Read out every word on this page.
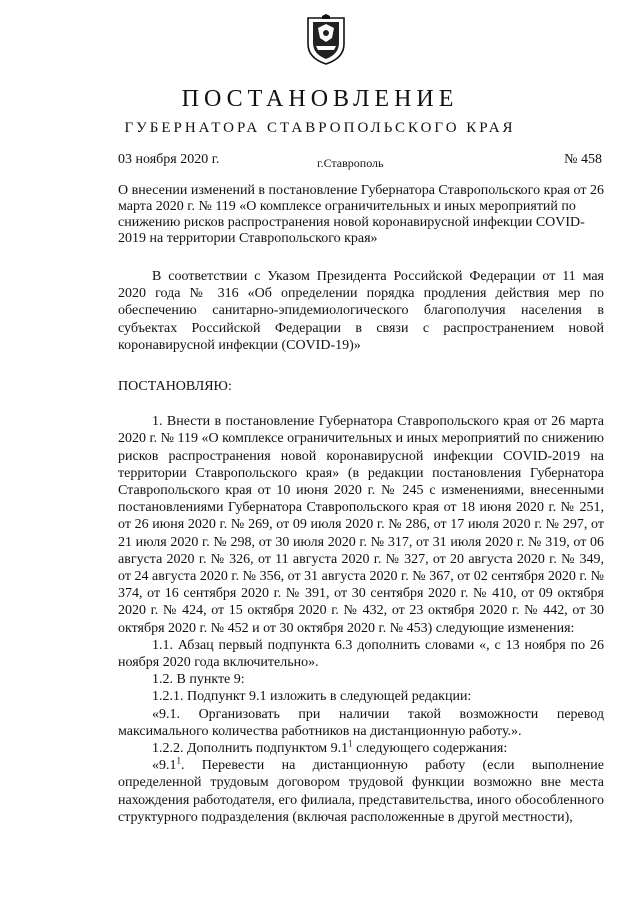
ПОСТАНОВЛЕНИЕ
ГУБЕРНАТОРА СТАВРОПОЛЬСКОГО КРАЯ
03 ноября 2020 г.	г.Ставрополь	№ 458
О внесении изменений в постановление Губернатора Ставропольского края от 26 марта 2020 г. № 119 «О комплексе ограничительных и иных мероприятий по снижению рисков распространения новой коронавирусной инфекции COVID-2019 на территории Ставропольского края»

В соответствии с Указом Президента Российской Федерации от 11 мая 2020 года № 316 «Об определении порядка продления действия мер по обеспечению санитарно-эпидемиологического благополучия населения в субъектах Российской Федерации в связи с распространением новой коронавирусной инфекции (COVID-19)»

ПОСТАНОВЛЯЮ:

1. Внести в постановление Губернатора Ставропольского края от 26 марта 2020 г. № 119 «О комплексе ограничительных и иных мероприятий по снижению рисков распространения новой коронавирусной инфекции COVID-2019 на территории Ставропольского края» (в редакции постановления Губернатора Ставропольского края от 10 июня 2020 г. № 245 с изменениями, внесенными постановлениями Губернатора Ставропольского края от 18 июня 2020 г. № 251, от 26 июня 2020 г. № 269, от 09 июля 2020 г. № 286, от 17 июля 2020 г. № 297, от 21 июля 2020 г. № 298, от 30 июля 2020 г. № 317, от 31 июля 2020 г. № 319, от 06 августа 2020 г. № 326, от 11 августа 2020 г. № 327, от 20 августа 2020 г. № 349, от 24 августа 2020 г. № 356, от 31 августа 2020 г. № 367, от 02 сентября 2020 г. № 374, от 16 сентября 2020 г. № 391, от 30 сентября 2020 г. № 410, от 09 октября 2020 г. № 424, от 15 октября 2020 г. № 432, от 23 октября 2020 г. № 442, от 30 октября 2020 г. № 452 и от 30 октября 2020 г. № 453) следующие изменения:

1.1. Абзац первый подпункта 6.3 дополнить словами «, с 13 ноября по 26 ноября 2020 года включительно».

1.2. В пункте 9:

1.2.1. Подпункт 9.1 изложить в следующей редакции:

«9.1. Организовать при наличии такой возможности перевод максимального количества работников на дистанционную работу.».

1.2.2. Дополнить подпунктом $9.1^1$ следующего содержания:

«$9.1^1$. Перевести на дистанционную работу (если выполнение определенной трудовым договором трудовой функции возможно вне места нахождения работодателя, его филиала, представительства, иного обособленного структурного подразделения (включая расположенные в другой местности),
